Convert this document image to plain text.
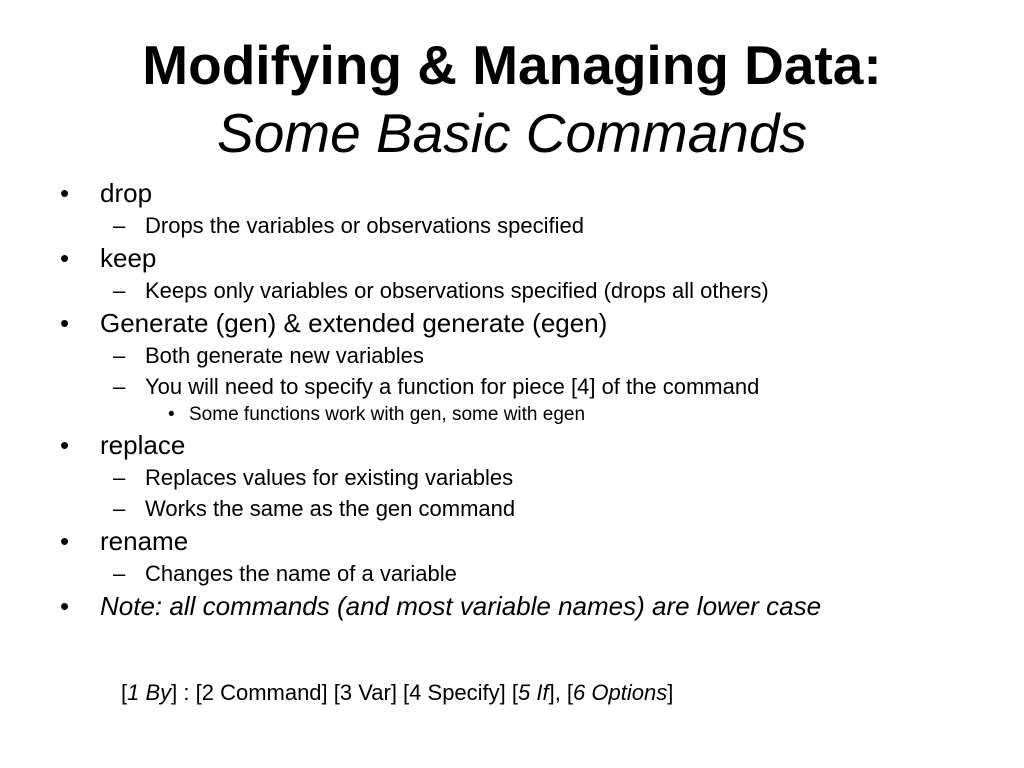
Modifying & Managing Data:
Some Basic Commands
• drop
– Drops the variables or observations specified
• keep
– Keeps only variables or observations specified (drops all others)
• Generate (gen) & extended generate (egen)
– Both generate new variables
– You will need to specify a function for piece [4] of the command
• Some functions work with gen, some with egen
• replace
– Replaces values for existing variables
– Works the same as the gen command
• rename
– Changes the name of a variable
• Note: all commands (and most variable names) are lower case
[1 By] : [2 Command] [3 Var] [4 Specify] [5 If], [6 Options]
